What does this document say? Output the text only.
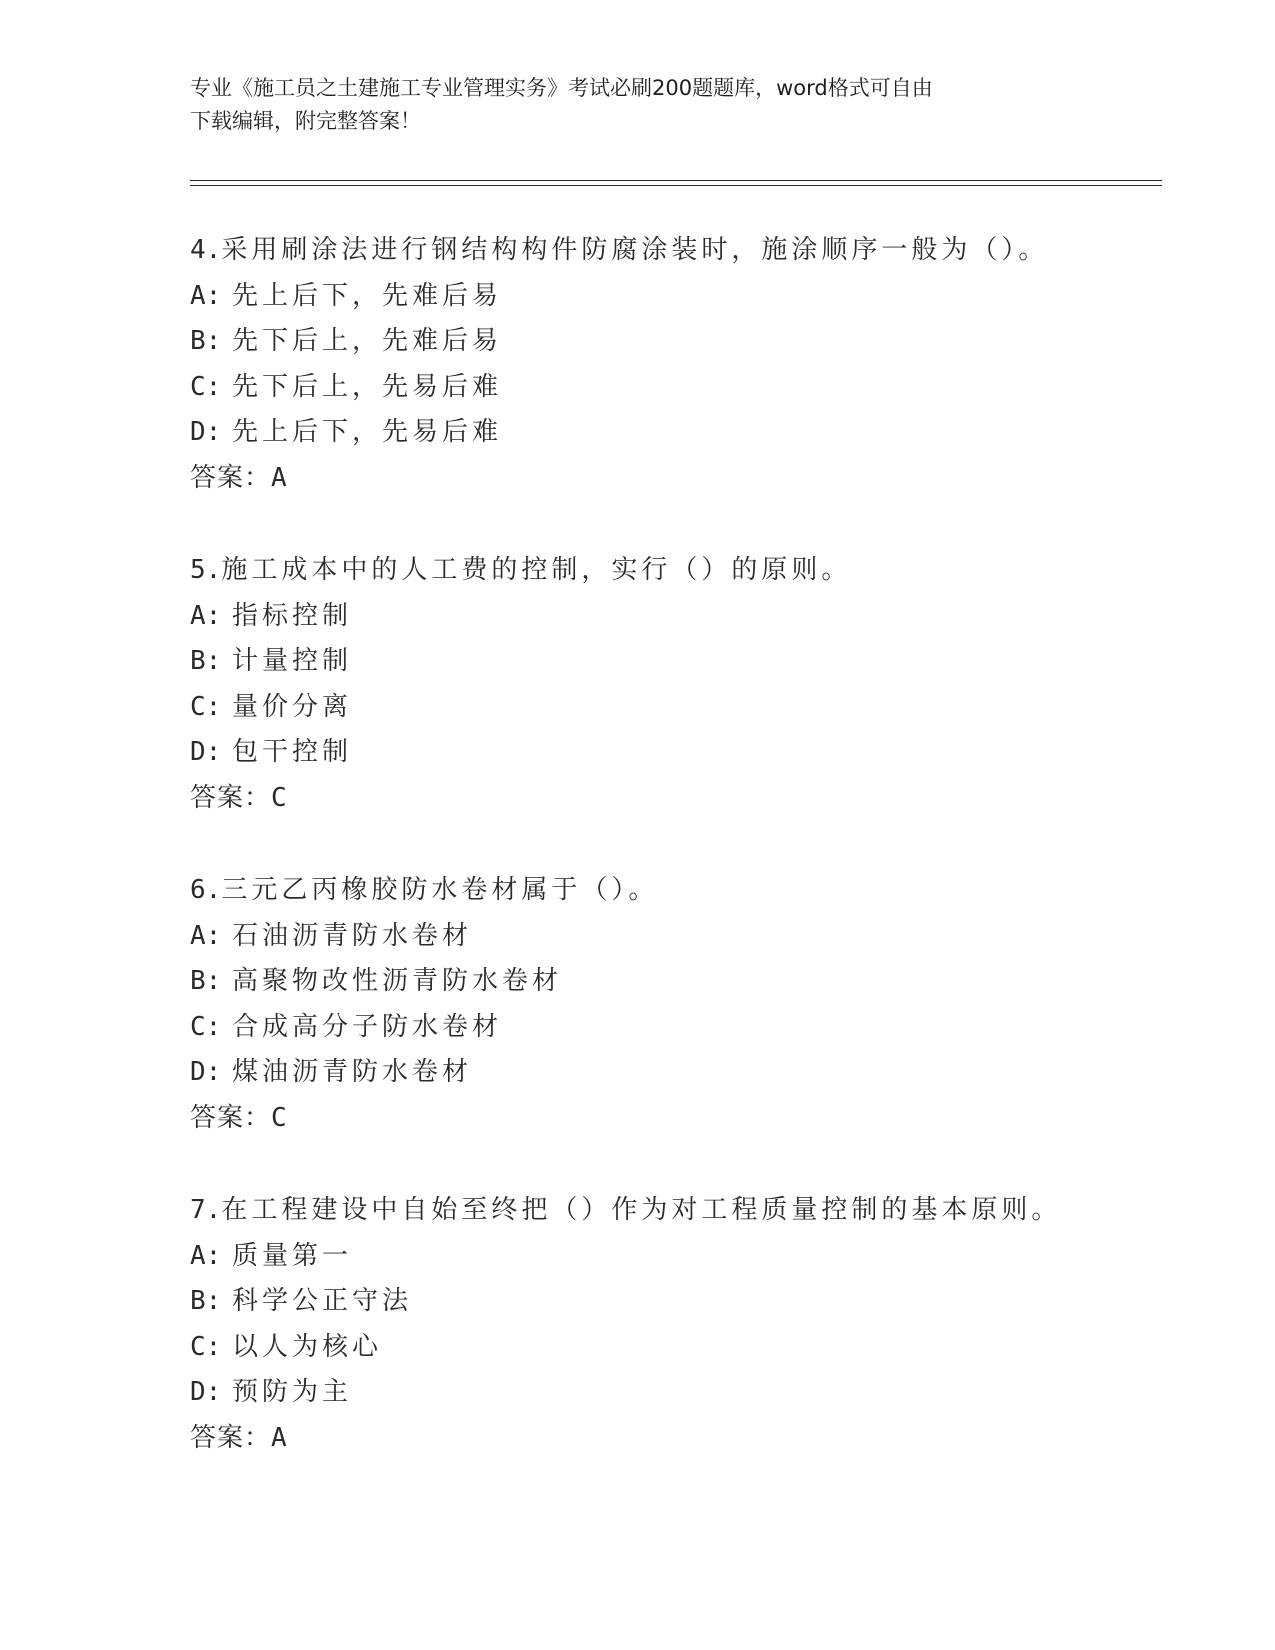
专业《施工员之土建施工专业管理实务》考试必刷200题题库，word格式可自由
下载编辑，附完整答案！
4.采用刷涂法进行钢结构构件防腐涂装时，施涂顺序一般为（）。
A: 先上后下，先难后易
B: 先下后上，先难后易
C: 先下后上，先易后难
D: 先上后下，先易后难
答案：A
5.施工成本中的人工费的控制，实行（）的原则。
A: 指标控制
B: 计量控制
C: 量价分离
D: 包干控制
答案：C
6.三元乙丙橡胶防水卷材属于（）。
A: 石油沥青防水卷材
B: 高聚物改性沥青防水卷材
C: 合成高分子防水卷材
D: 煤油沥青防水卷材
答案：C
7.在工程建设中自始至终把（）作为对工程质量控制的基本原则。
A: 质量第一
B: 科学公正守法
C: 以人为核心
D: 预防为主
答案：A
